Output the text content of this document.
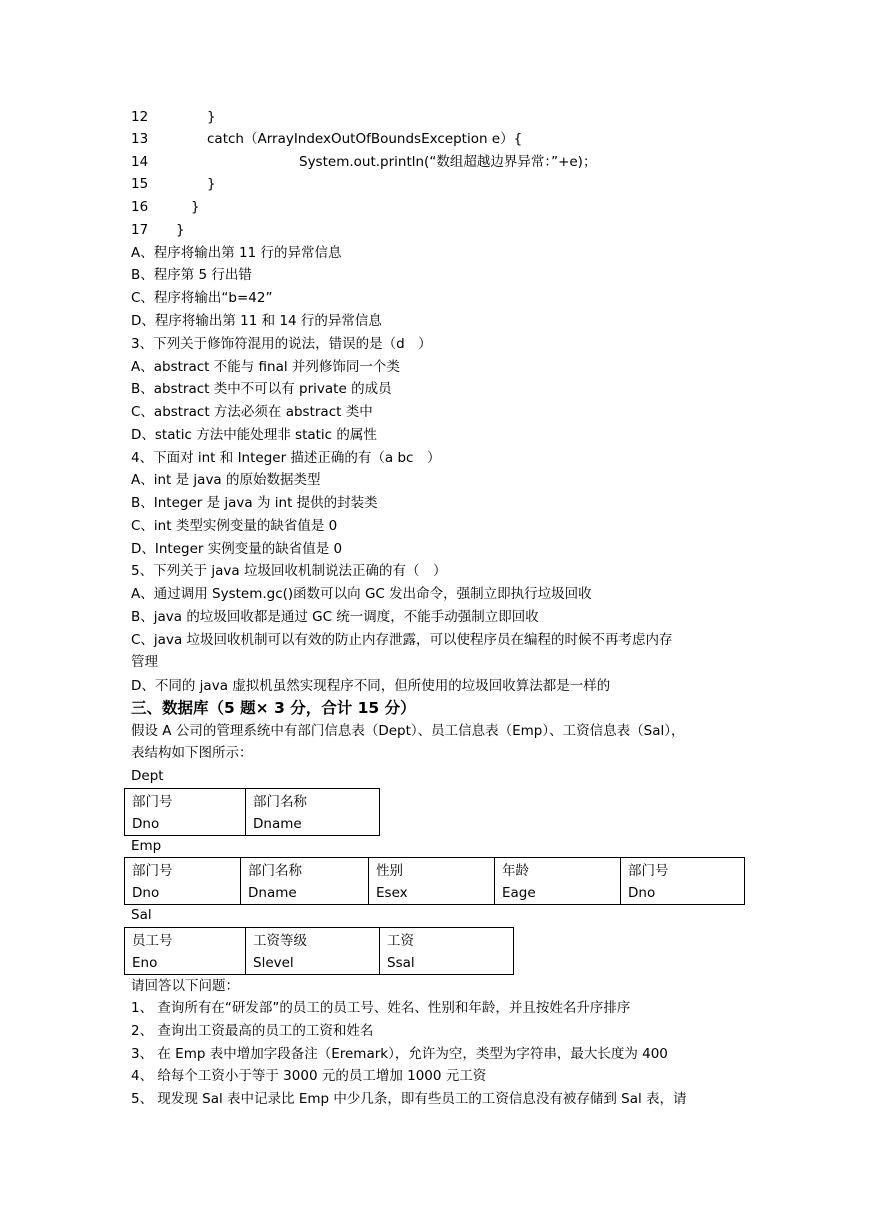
12	}
13	catch（ArrayIndexOutOfBoundsException e）{
14	System.out.println(“数组超越边界异常：”+e)；
15	}
16	}
17 }
A、程序将输出第 11 行的异常信息
B、程序第 5 行出错
C、程序将输出“b=42”
D、程序将输出第 11 和 14 行的异常信息
3、下列关于修饰符混用的说法，错误的是（d　）
A、abstract 不能与 final 并列修饰同一个类
B、abstract 类中不可以有 private 的成员
C、abstract 方法必须在 abstract 类中
D、static 方法中能处理非 static 的属性
4、下面对 int 和 Integer 描述正确的有（a bc　）
A、int 是 java 的原始数据类型
B、Integer 是 java 为 int 提供的封装类
C、int 类型实例变量的缺省值是 0
D、Integer 实例变量的缺省值是 0
5、下列关于 java 垃圾回收机制说法正确的有（　）
A、通过调用 System.gc()函数可以向 GC 发出命令，强制立即执行垃圾回收
B、java 的垃圾回收都是通过 GC 统一调度，不能手动强制立即回收
C、java 垃圾回收机制可以有效的防止内存泄露，可以使程序员在编程的时候不再考虑内存
管理
D、不同的 java 虚拟机虽然实现程序不同，但所使用的垃圾回收算法都是一样的
三、数据库（5 题× 3 分，合计 15 分）
假设 A 公司的管理系统中有部门信息表（Dept）、员工信息表（Emp）、工资信息表（Sal），
表结构如下图所示：
Dept
部门号
Dno

部门名称
Dname
Emp
部门号
Dno

部门名称
Dname

性别
Esex

年龄
Eage

部门号
Dno
Sal
员工号
Eno

工资等级
Slevel

工资
Ssal
请回答以下问题：
1、 查询所有在“研发部”的员工的员工号、姓名、性别和年龄，并且按姓名升序排序
2、 查询出工资最高的员工的工资和姓名
3、 在 Emp 表中增加字段备注（Eremark），允许为空，类型为字符串，最大长度为 400
4、 给每个工资小于等于 3000 元的员工增加 1000 元工资
5、 现发现 Sal 表中记录比 Emp 中少几条，即有些员工的工资信息没有被存储到 Sal 表，请
